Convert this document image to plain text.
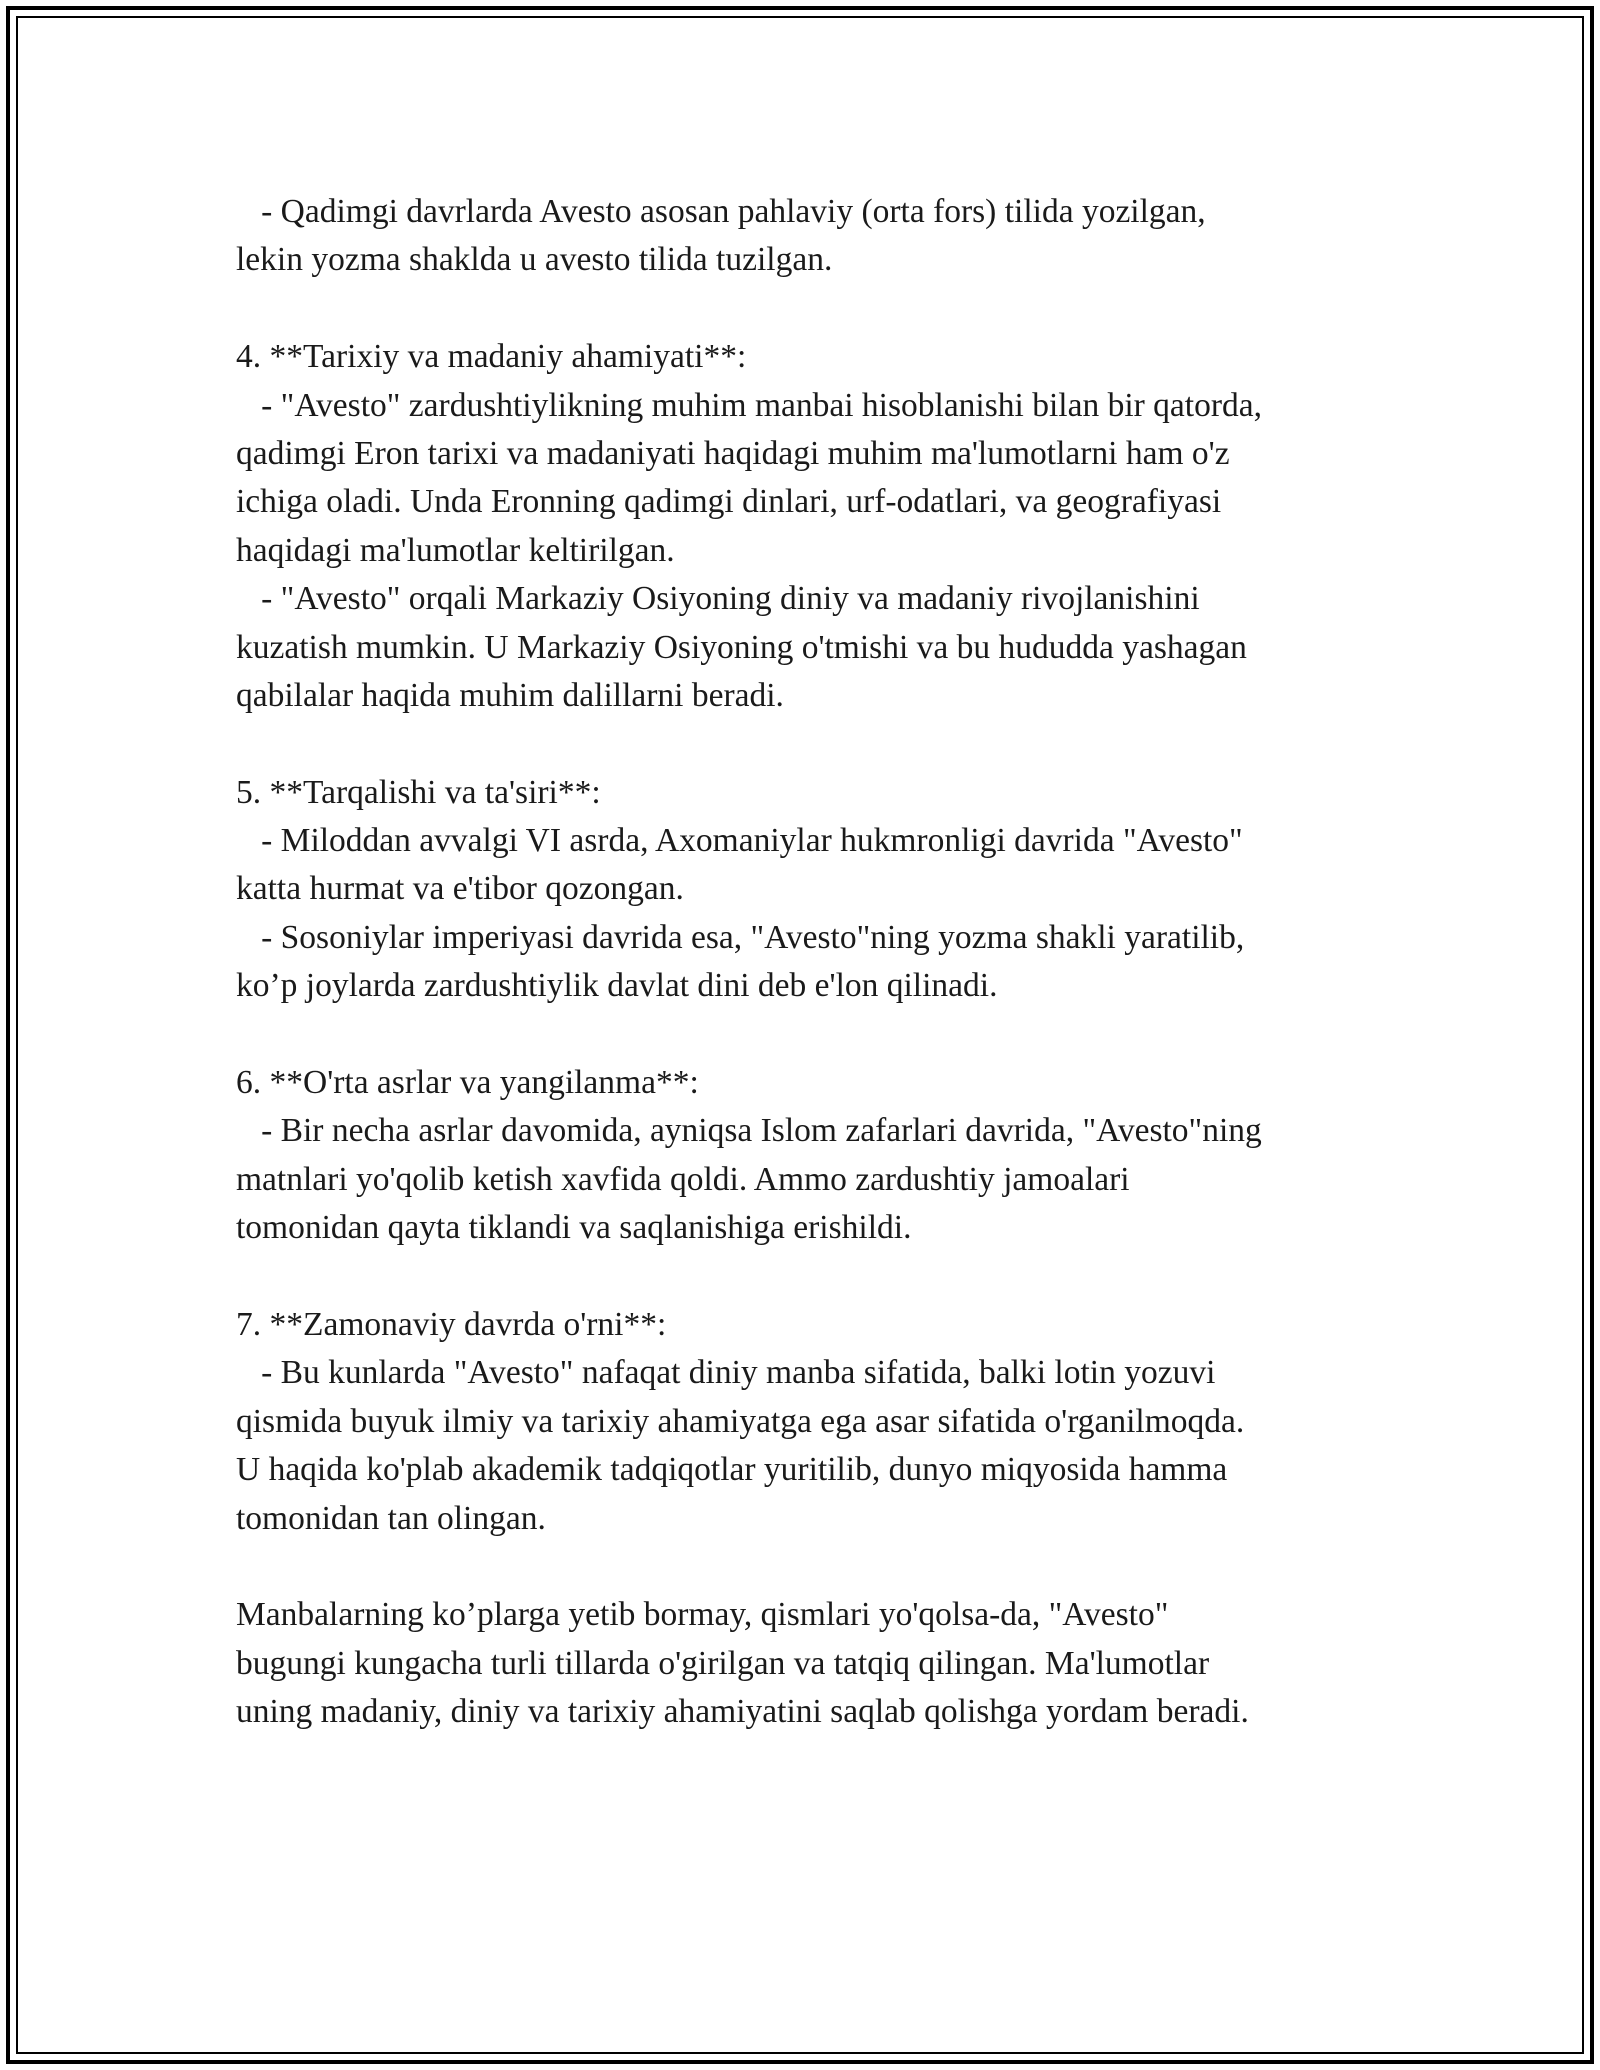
- Qadimgi davrlarda Avesto asosan pahlaviy (orta fors) tilida yozilgan,
lekin yozma shaklda u avesto tilida tuzilgan.
4. **Tarixiy va madaniy ahamiyati**:
- "Avesto" zardushtiylikning muhim manbai hisoblanishi bilan bir qatorda,
qadimgi Eron tarixi va madaniyati haqidagi muhim ma'lumotlarni ham o'z
ichiga oladi. Unda Eronning qadimgi dinlari, urf-odatlari, va geografiyasi
haqidagi ma'lumotlar keltirilgan.
- "Avesto" orqali Markaziy Osiyoning diniy va madaniy rivojlanishini
kuzatish mumkin. U Markaziy Osiyoning o'tmishi va bu hududda yashagan
qabilalar haqida muhim dalillarni beradi.
5. **Tarqalishi va ta'siri**:
- Miloddan avvalgi VI asrda, Axomaniylar hukmronligi davrida "Avesto"
katta hurmat va e'tibor qozongan.
- Sosoniylar imperiyasi davrida esa, "Avesto"ning yozma shakli yaratilib,
ko’p joylarda zardushtiylik davlat dini deb e'lon qilinadi.
6. **O'rta asrlar va yangilanma**:
- Bir necha asrlar davomida, ayniqsa Islom zafarlari davrida, "Avesto"ning
matnlari yo'qolib ketish xavfida qoldi. Ammo zardushtiy jamoalari
tomonidan qayta tiklandi va saqlanishiga erishildi.
7. **Zamonaviy davrda o'rni**:
- Bu kunlarda "Avesto" nafaqat diniy manba sifatida, balki lotin yozuvi
qismida buyuk ilmiy va tarixiy ahamiyatga ega asar sifatida o'rganilmoqda.
U haqida ko'plab akademik tadqiqotlar yuritilib, dunyo miqyosida hamma
tomonidan tan olingan.
Manbalarning ko’plarga yetib bormay, qismlari yo'qolsa-da, "Avesto"
bugungi kungacha turli tillarda o'girilgan va tatqiq qilingan. Ma'lumotlar
uning madaniy, diniy va tarixiy ahamiyatini saqlab qolishga yordam beradi.
